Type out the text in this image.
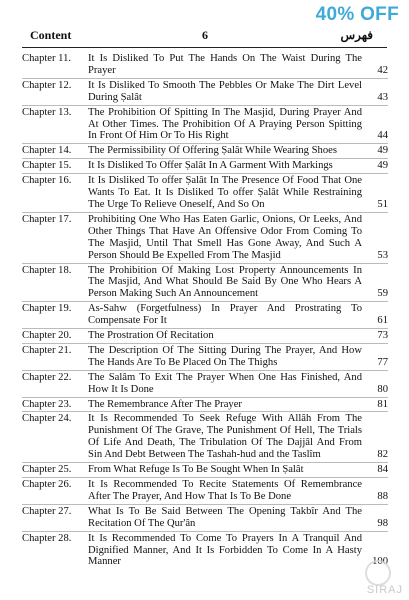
40% OFF
Content	6	فهرس
Chapter 11.	It Is Disliked To Put The Hands On The Waist During The Prayer	42
Chapter 12.	It Is Disliked To Smooth The Pebbles Or Make The Dirt Level During Ṣalât	43
Chapter 13.	The Prohibition Of Spitting In The Masjid, During Prayer And At Other Times. The Prohibition Of A Praying Person Spitting In Front Of Him Or To His Right	44
Chapter 14.	The Permissibility Of Offering Ṣalât While Wearing Shoes	49
Chapter 15.	It Is Disliked To Offer Ṣalât In A Garment With Markings	49
Chapter 16.	It Is Disliked To offer Ṣalât In The Presence Of Food That One Wants To Eat. It Is Disliked To offer Ṣalât While Restraining The Urge To Relieve Oneself, And So On	51
Chapter 17.	Prohibiting One Who Has Eaten Garlic, Onions, Or Leeks, And Other Things That Have An Offensive Odor From Coming To The Masjid, Until That Smell Has Gone Away, And Such A Person Should Be Expelled From The Masjid	53
Chapter 18.	The Prohibition Of Making Lost Property Announcements In The Masjid, And What Should Be Said By One Who Hears A Person Making Such An Announcement	59
Chapter 19.	As-Sahw (Forgetfulness) In Prayer And Prostrating To Compensate For It	61
Chapter 20.	The Prostration Of Recitation	73
Chapter 21.	The Description Of The Sitting During The Prayer, And How The Hands Are To Be Placed On The Thighs	77
Chapter 22.	The Salâm To Exit The Prayer When One Has Finished, And How It Is Done	80
Chapter 23.	The Remembrance After The Prayer	81
Chapter 24.	It Is Recommended To Seek Refuge With Allâh From The Punishment Of The Grave, The Punishment Of Hell, The Trials Of Life And Death, The Tribulation Of The Dajjâl And From Sin And Debt Between The Tashah-hud and the Taslîm	82
Chapter 25.	From What Refuge Is To Be Sought When In Ṣalât	84
Chapter 26.	It Is Recommended To Recite Statements Of Remembrance After The Prayer, And How That Is To Be Done	88
Chapter 27.	What Is To Be Said Between The Opening Takbîr And The Recitation Of The Qur'ân	98
Chapter 28.	It Is Recommended To Come To Prayers In A Tranquil And Dignified Manner, And It Is Forbidden To Come In A Hasty Manner	100
SIRAJ
